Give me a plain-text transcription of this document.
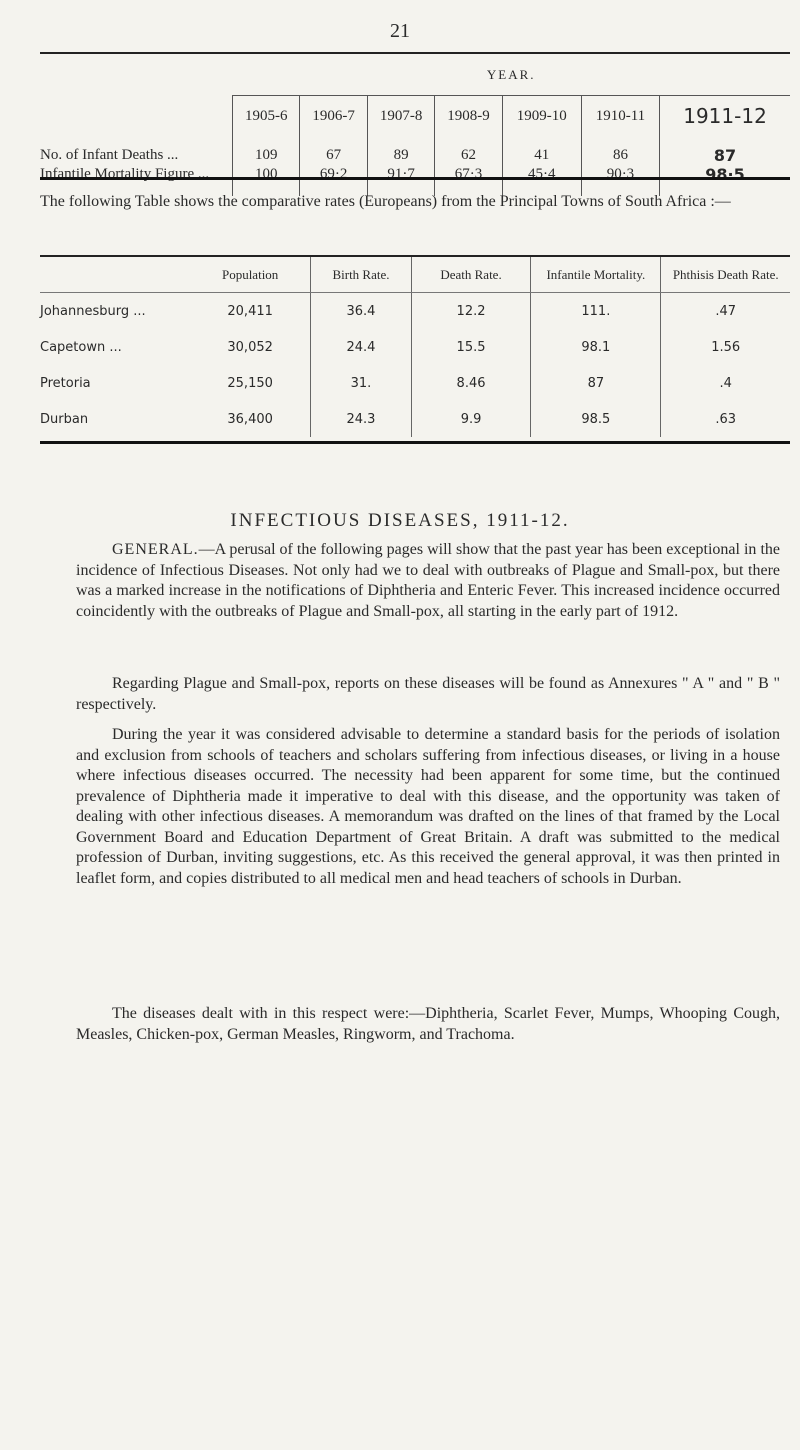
21
	YEAR.						
	1905-6	1906-7	1907-8	1908-9	1909-10	1910-11	1911-12
No. of Infant Deaths ...	109	67	89	62	41	86	87
Infantile Mortality Figure ...	100	69·2	91·7	67·3	45·4	90·3	98·5
The following Table shows the comparative rates (Europeans) from the Principal Towns of South Africa :—
	Population	Birth Rate.	Death Rate.	Infantile Mortality.	Phthisis Death Rate.
Johannesburg ...	20,411	36.4	12.2	111.	.47
Capetown ...	30,052	24.4	15.5	98.1	1.56
Pretoria	25,150	31.	8.46	87	.4
Durban	36,400	24.3	9.9	98.5	.63
INFECTIOUS DISEASES, 1911-12.

GENERAL.—A perusal of the following pages will show that the past year has been exceptional in the incidence of Infectious Diseases. Not only had we to deal with outbreaks of Plague and Small-pox, but there was a marked increase in the notifications of Diphtheria and Enteric Fever. This increased incidence occurred coincidently with the outbreaks of Plague and Small-pox, all starting in the early part of 1912.

Regarding Plague and Small-pox, reports on these diseases will be found as Annexures " A " and " B " respectively.

During the year it was considered advisable to determine a standard basis for the periods of isolation and exclusion from schools of teachers and scholars suffering from infectious diseases, or living in a house where infectious diseases occurred. The necessity had been apparent for some time, but the continued prevalence of Diphtheria made it imperative to deal with this disease, and the opportunity was taken of dealing with other infectious diseases. A memorandum was drafted on the lines of that framed by the Local Government Board and Education Department of Great Britain. A draft was submitted to the medical profession of Durban, inviting suggestions, etc. As this received the general approval, it was then printed in leaflet form, and copies distributed to all medical men and head teachers of schools in Durban.

The diseases dealt with in this respect were:—Diphtheria, Scarlet Fever, Mumps, Whooping Cough, Measles, Chicken-pox, German Measles, Ringworm, and Trachoma.
